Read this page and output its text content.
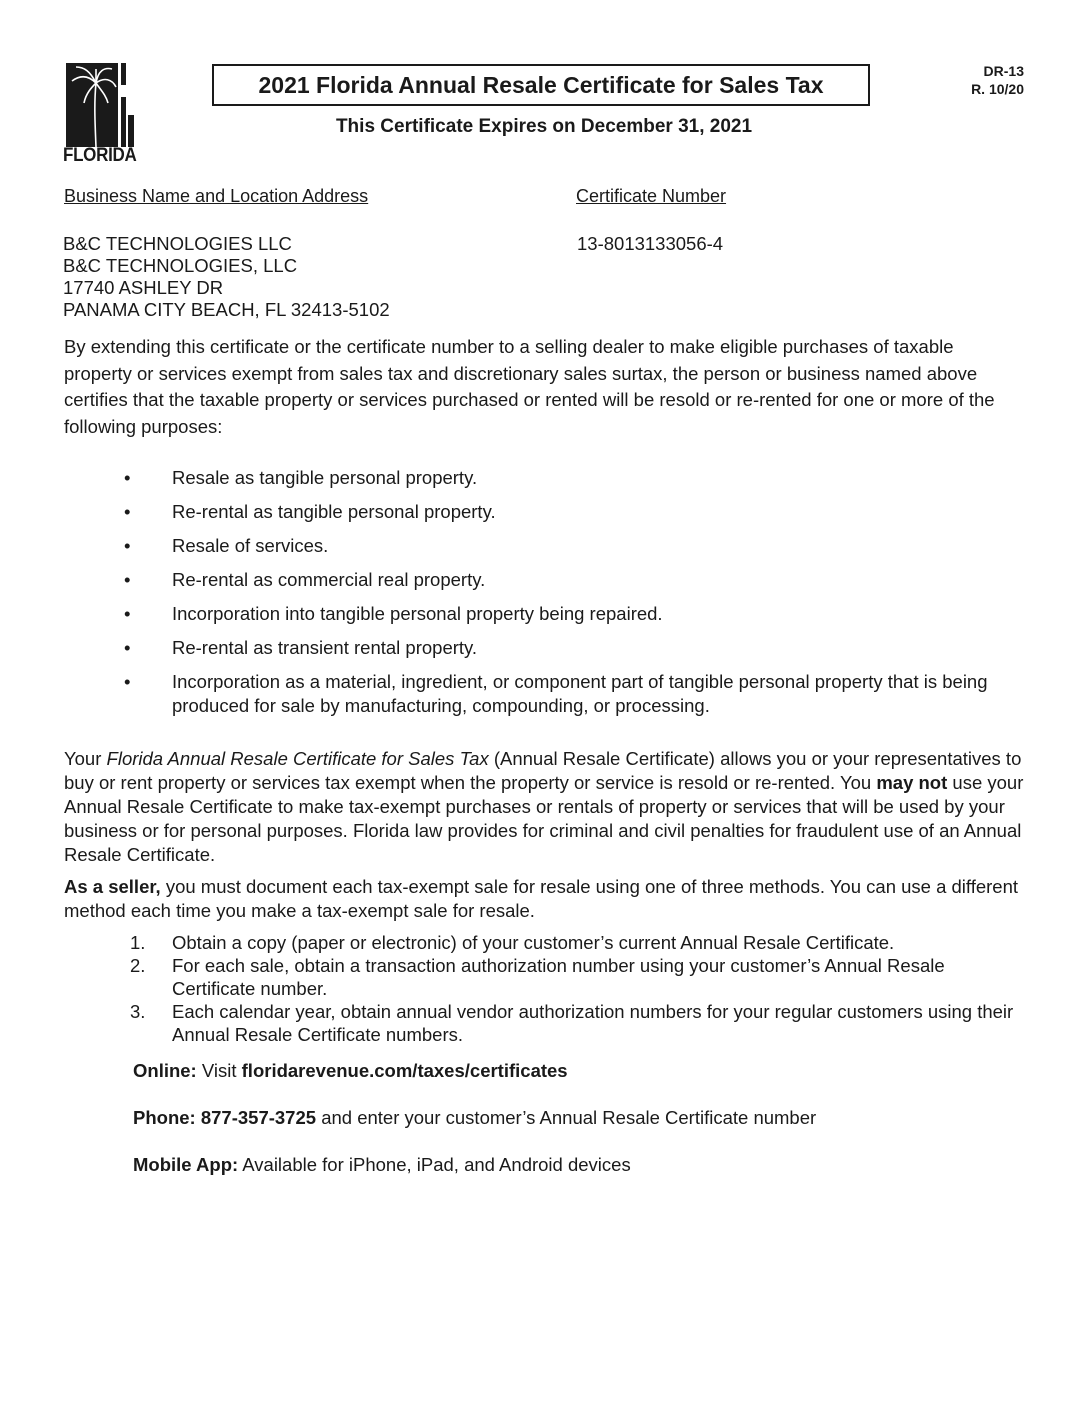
FLORIDA
2021 Florida Annual Resale Certificate for Sales Tax
DR-13
R. 10/20
This Certificate Expires on December 31, 2021
Business Name and Location Address	Certificate Number
B&C TECHNOLOGIES LLC
B&C TECHNOLOGIES, LLC
17740 ASHLEY DR
PANAMA CITY BEACH, FL 32413-5102
13-8013133056-4
By extending this certificate or the certificate number to a selling dealer to make eligible purchases of taxable property or services exempt from sales tax and discretionary sales surtax, the person or business named above certifies that the taxable property or services purchased or rented will be resold or re-rented for one or more of the following purposes:
• Resale as tangible personal property.
• Re-rental as tangible personal property.
• Resale of services.
• Re-rental as commercial real property.
• Incorporation into tangible personal property being repaired.
• Re-rental as transient rental property.
• Incorporation as a material, ingredient, or component part of tangible personal property that is being produced for sale by manufacturing, compounding, or processing.
Your Florida Annual Resale Certificate for Sales Tax (Annual Resale Certificate) allows you or your representatives to buy or rent property or services tax exempt when the property or service is resold or re-rented. You may not use your Annual Resale Certificate to make tax-exempt purchases or rentals of property or services that will be used by your business or for personal purposes. Florida law provides for criminal and civil penalties for fraudulent use of an Annual Resale Certificate.
As a seller, you must document each tax-exempt sale for resale using one of three methods. You can use a different method each time you make a tax-exempt sale for resale.
1. Obtain a copy (paper or electronic) of your customer’s current Annual Resale Certificate.
2. For each sale, obtain a transaction authorization number using your customer’s Annual Resale Certificate number.
3. Each calendar year, obtain annual vendor authorization numbers for your regular customers using their Annual Resale Certificate numbers.
Online: Visit floridarevenue.com/taxes/certificates
Phone: 877-357-3725 and enter your customer’s Annual Resale Certificate number
Mobile App: Available for iPhone, iPad, and Android devices
